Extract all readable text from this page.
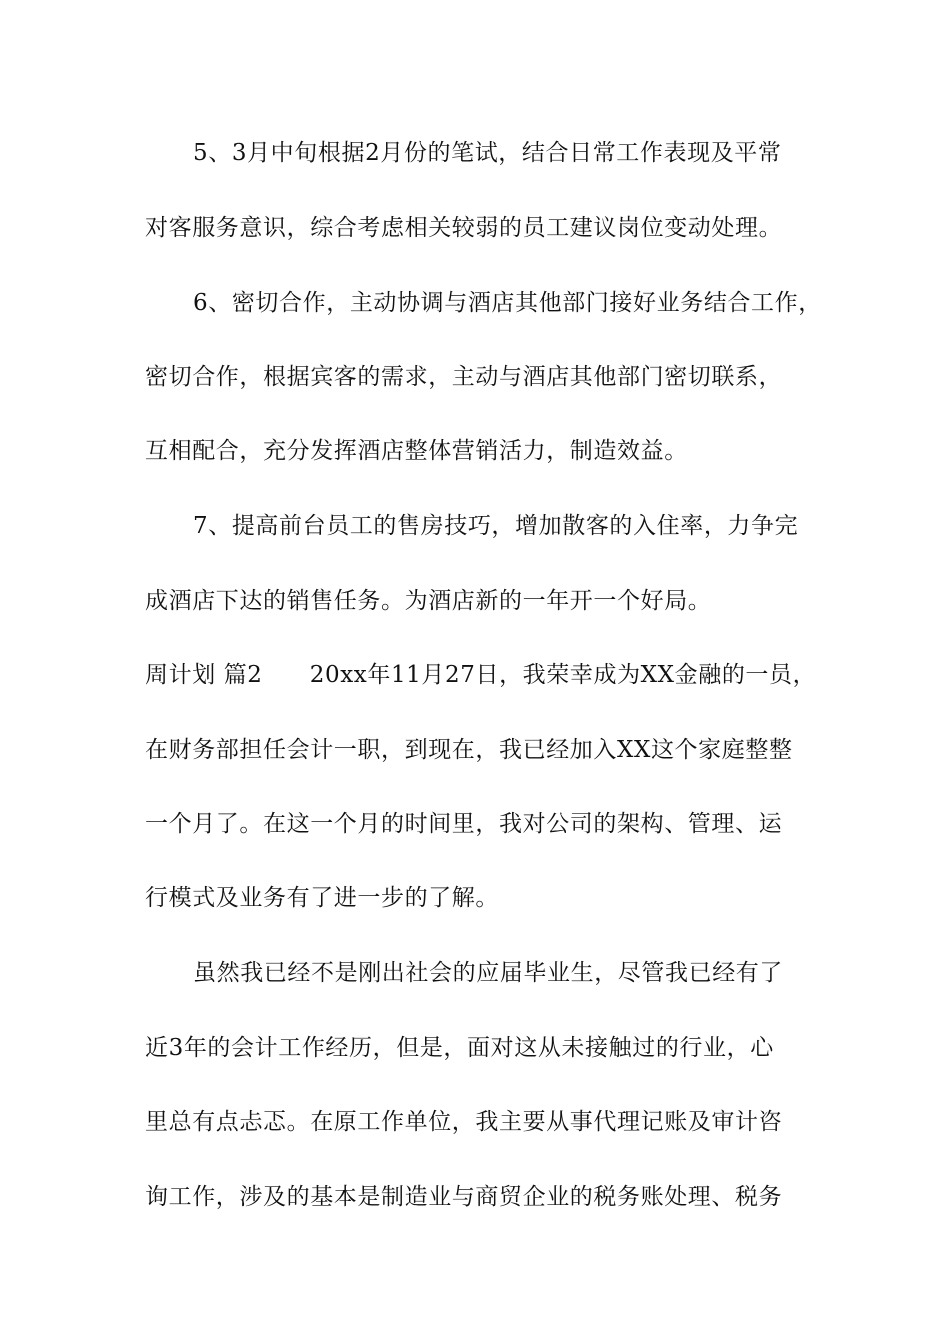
5、3月中旬根据2月份的笔试，结合日常工作表现及平常
对客服务意识，综合考虑相关较弱的员工建议岗位变动处理。
6、密切合作，主动协调与酒店其他部门接好业务结合工作，
密切合作，根据宾客的需求，主动与酒店其他部门密切联系，
互相配合，充分发挥酒店整体营销活力，制造效益。
7、提高前台员工的售房技巧，增加散客的入住率，力争完
成酒店下达的销售任务。为酒店新的一年开一个好局。
周计划 篇2　　20xx年11月27日，我荣幸成为XX金融的一员，
在财务部担任会计一职，到现在，我已经加入XX这个家庭整整
一个月了。在这一个月的时间里，我对公司的架构、管理、运
行模式及业务有了进一步的了解。
虽然我已经不是刚出社会的应届毕业生，尽管我已经有了
近3年的会计工作经历，但是，面对这从未接触过的行业，心
里总有点忐忑。在原工作单位，我主要从事代理记账及审计咨
询工作，涉及的基本是制造业与商贸企业的税务账处理、税务
